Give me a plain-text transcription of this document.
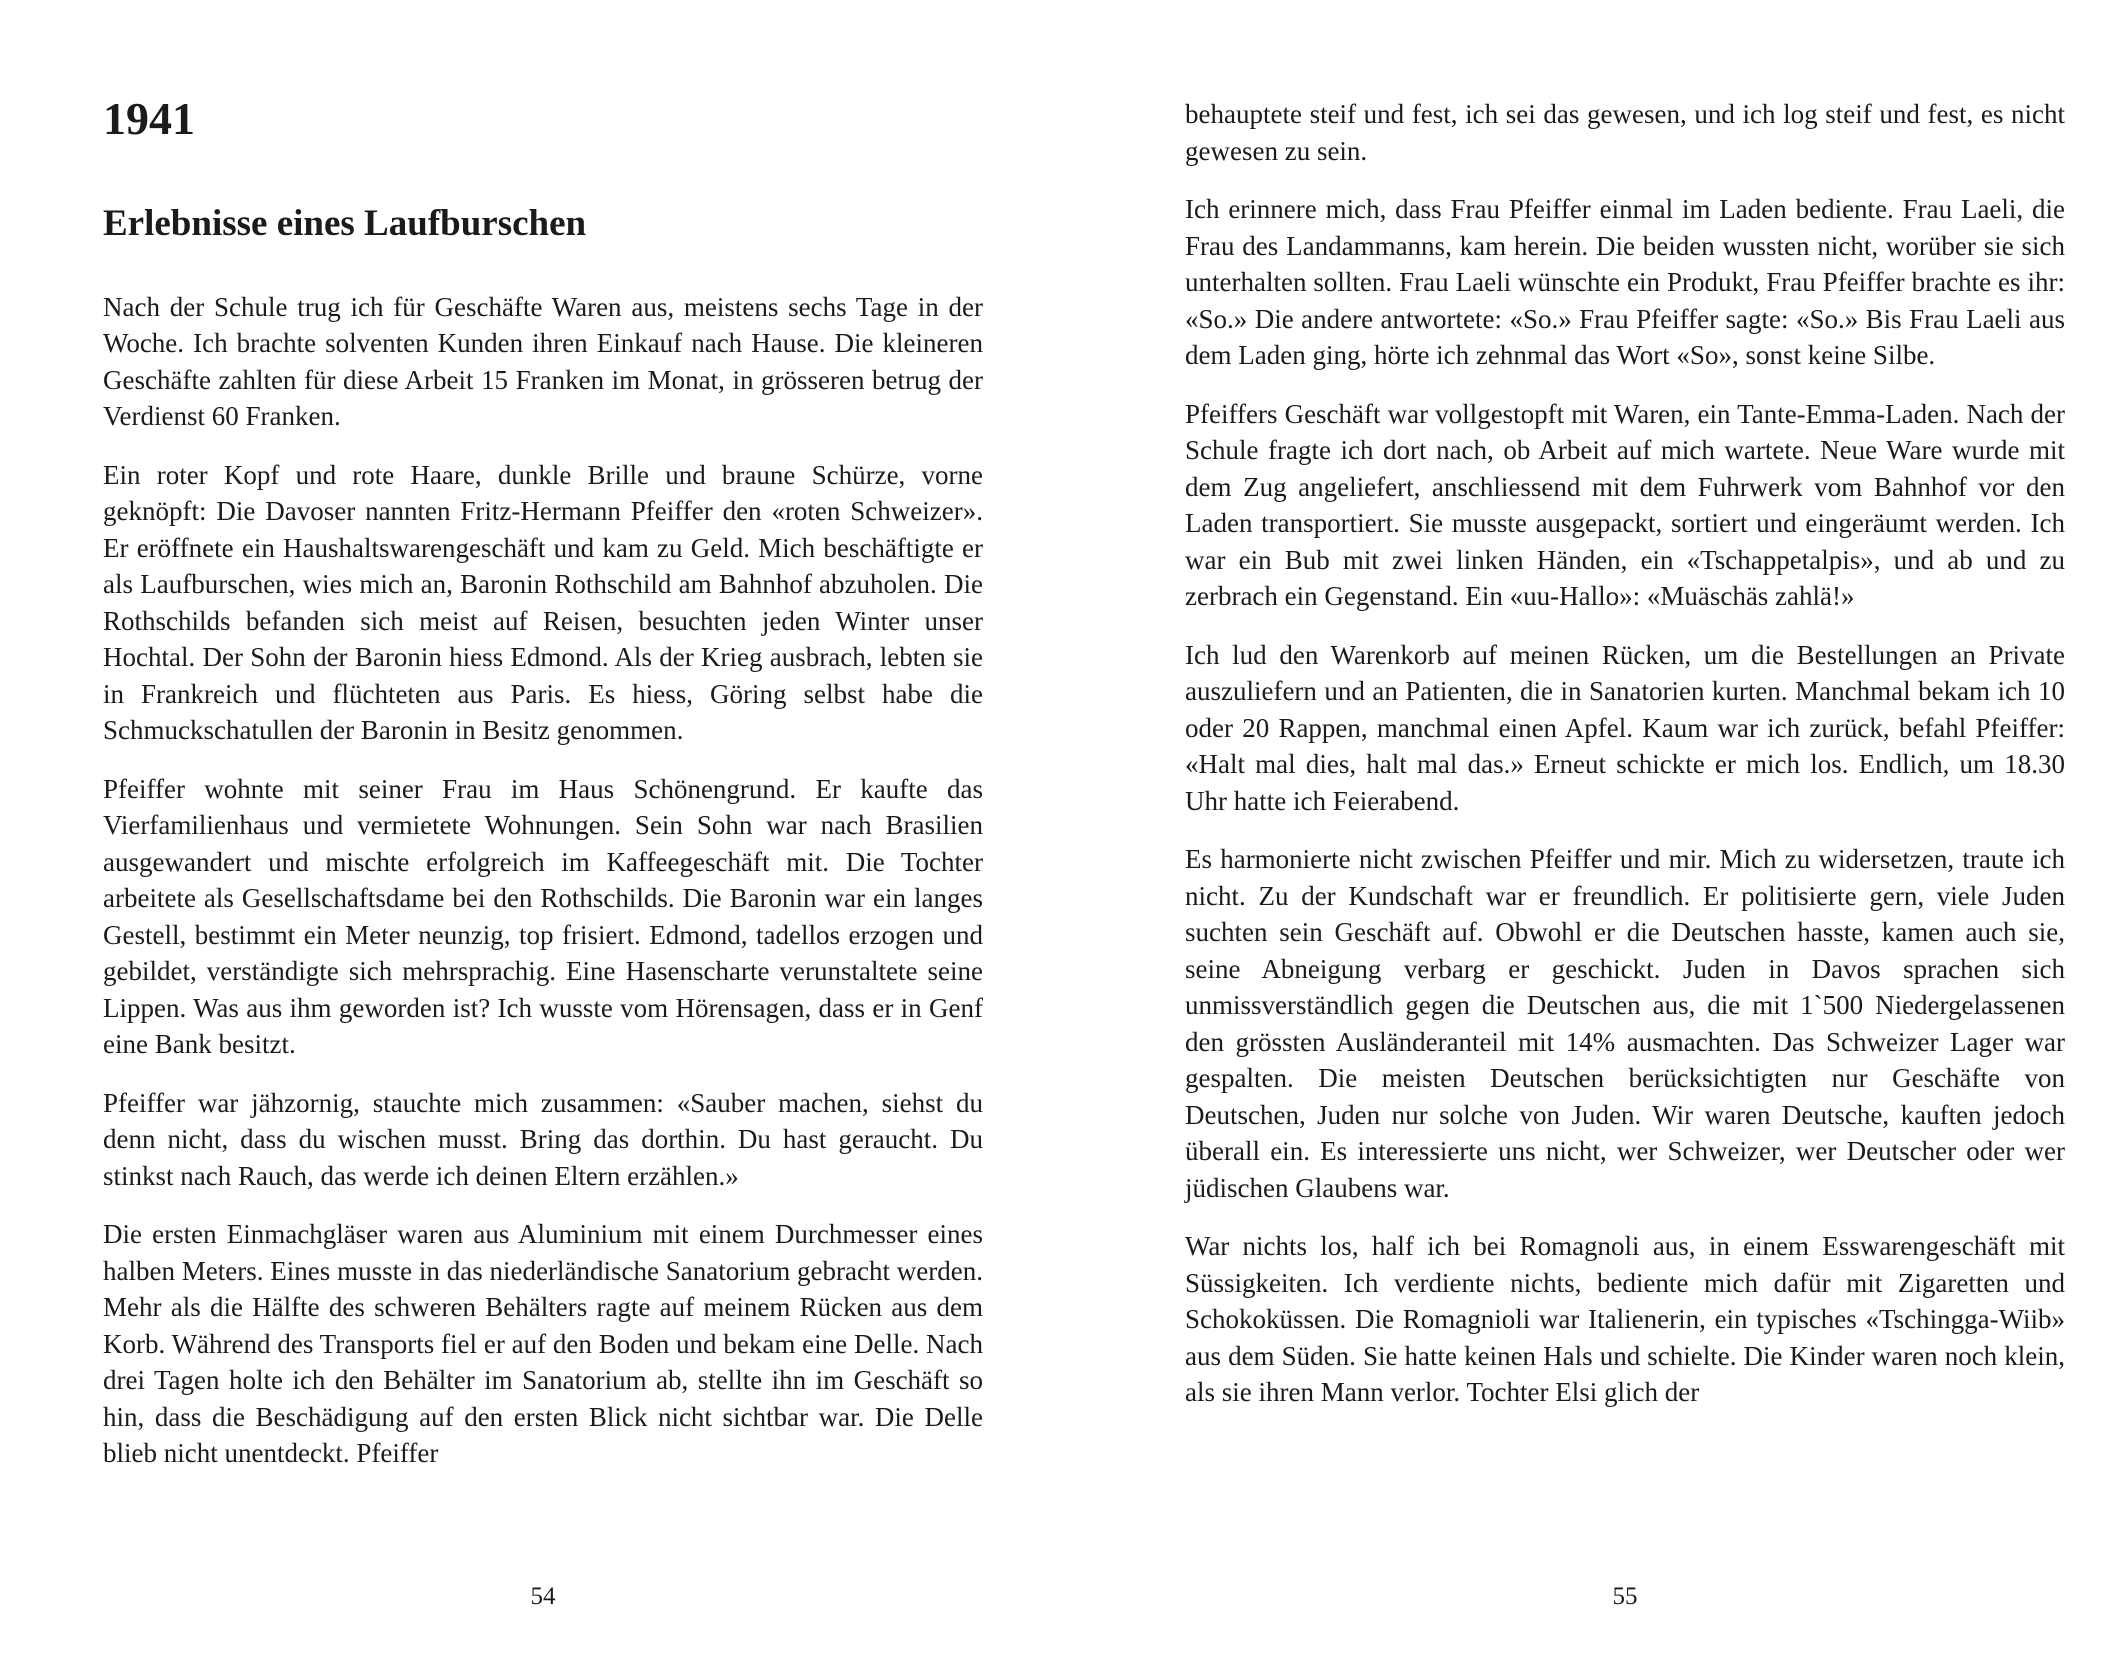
1941
Erlebnisse eines Laufburschen

Nach der Schule trug ich für Geschäfte Waren aus, meistens sechs Tage in der Woche. Ich brachte solventen Kunden ihren Einkauf nach Hause. Die kleineren Geschäfte zahlten für diese Arbeit 15 Franken im Monat, in grösseren betrug der Verdienst 60 Franken.

Ein roter Kopf und rote Haare, dunkle Brille und braune Schürze, vorne geknöpft: Die Davoser nannten Fritz-Hermann Pfeiffer den «roten Schweizer». Er eröffnete ein Haushaltswarengeschäft und kam zu Geld. Mich beschäftigte er als Laufburschen, wies mich an, Baronin Rothschild am Bahnhof abzuholen. Die Rothschilds befanden sich meist auf Reisen, besuchten jeden Winter unser Hochtal. Der Sohn der Baronin hiess Edmond. Als der Krieg ausbrach, lebten sie in Frankreich und flüchteten aus Paris. Es hiess, Göring selbst habe die Schmuckschatullen der Baronin in Besitz genommen.

Pfeiffer wohnte mit seiner Frau im Haus Schönengrund. Er kaufte das Vierfamilienhaus und vermietete Wohnungen. Sein Sohn war nach Brasilien ausgewandert und mischte erfolgreich im Kaffeegeschäft mit. Die Tochter arbeitete als Gesellschaftsdame bei den Rothschilds. Die Baronin war ein langes Gestell, bestimmt ein Meter neunzig, top frisiert. Edmond, tadellos erzogen und gebildet, verständigte sich mehrsprachig. Eine Hasenscharte verunstaltete seine Lippen. Was aus ihm geworden ist? Ich wusste vom Hörensagen, dass er in Genf eine Bank besitzt.

Pfeiffer war jähzornig, stauchte mich zusammen: «Sauber machen, siehst du denn nicht, dass du wischen musst. Bring das dorthin. Du hast geraucht. Du stinkst nach Rauch, das werde ich deinen Eltern erzählen.»

Die ersten Einmachgläser waren aus Aluminium mit einem Durchmesser eines halben Meters. Eines musste in das niederländische Sanatorium gebracht werden. Mehr als die Hälfte des schweren Behälters ragte auf meinem Rücken aus dem Korb. Während des Transports fiel er auf den Boden und bekam eine Delle. Nach drei Tagen holte ich den Behälter im Sanatorium ab, stellte ihn im Geschäft so hin, dass die Beschädigung auf den ersten Blick nicht sichtbar war. Die Delle blieb nicht unentdeckt. Pfeiffer

behauptete steif und fest, ich sei das gewesen, und ich log steif und fest, es nicht gewesen zu sein.

Ich erinnere mich, dass Frau Pfeiffer einmal im Laden bediente. Frau Laeli, die Frau des Landammanns, kam herein. Die beiden wussten nicht, worüber sie sich unterhalten sollten. Frau Laeli wünschte ein Produkt, Frau Pfeiffer brachte es ihr: «So.» Die andere antwortete: «So.» Frau Pfeiffer sagte: «So.» Bis Frau Laeli aus dem Laden ging, hörte ich zehnmal das Wort «So», sonst keine Silbe.

Pfeiffers Geschäft war vollgestopft mit Waren, ein Tante-Emma-Laden. Nach der Schule fragte ich dort nach, ob Arbeit auf mich wartete. Neue Ware wurde mit dem Zug angeliefert, anschliessend mit dem Fuhrwerk vom Bahnhof vor den Laden transportiert. Sie musste ausgepackt, sortiert und eingeräumt werden. Ich war ein Bub mit zwei linken Händen, ein «Tschappetalpis», und ab und zu zerbrach ein Gegenstand. Ein «uu-Hallo»: «Muäschäs zahlä!»

Ich lud den Warenkorb auf meinen Rücken, um die Bestellungen an Private auszuliefern und an Patienten, die in Sanatorien kurten. Manchmal bekam ich 10 oder 20 Rappen, manchmal einen Apfel. Kaum war ich zurück, befahl Pfeiffer: «Halt mal dies, halt mal das.» Erneut schickte er mich los. Endlich, um 18.30 Uhr hatte ich Feierabend.

Es harmonierte nicht zwischen Pfeiffer und mir. Mich zu widersetzen, traute ich nicht. Zu der Kundschaft war er freundlich. Er politisierte gern, viele Juden suchten sein Geschäft auf. Obwohl er die Deutschen hasste, kamen auch sie, seine Abneigung verbarg er geschickt. Juden in Davos sprachen sich unmissverständlich gegen die Deutschen aus, die mit 1`500 Niedergelassenen den grössten Ausländeranteil mit 14% ausmachten. Das Schweizer Lager war gespalten. Die meisten Deutschen berücksichtigten nur Geschäfte von Deutschen, Juden nur solche von Juden. Wir waren Deutsche, kauften jedoch überall ein. Es interessierte uns nicht, wer Schweizer, wer Deutscher oder wer jüdischen Glaubens war.

War nichts los, half ich bei Romagnoli aus, in einem Esswarengeschäft mit Süssigkeiten. Ich verdiente nichts, bediente mich dafür mit Zigaretten und Schokoküssen. Die Romagnioli war Italienerin, ein typisches «Tschingga-Wiib» aus dem Süden. Sie hatte keinen Hals und schielte. Die Kinder waren noch klein, als sie ihren Mann verlor. Tochter Elsi glich der

54	55
